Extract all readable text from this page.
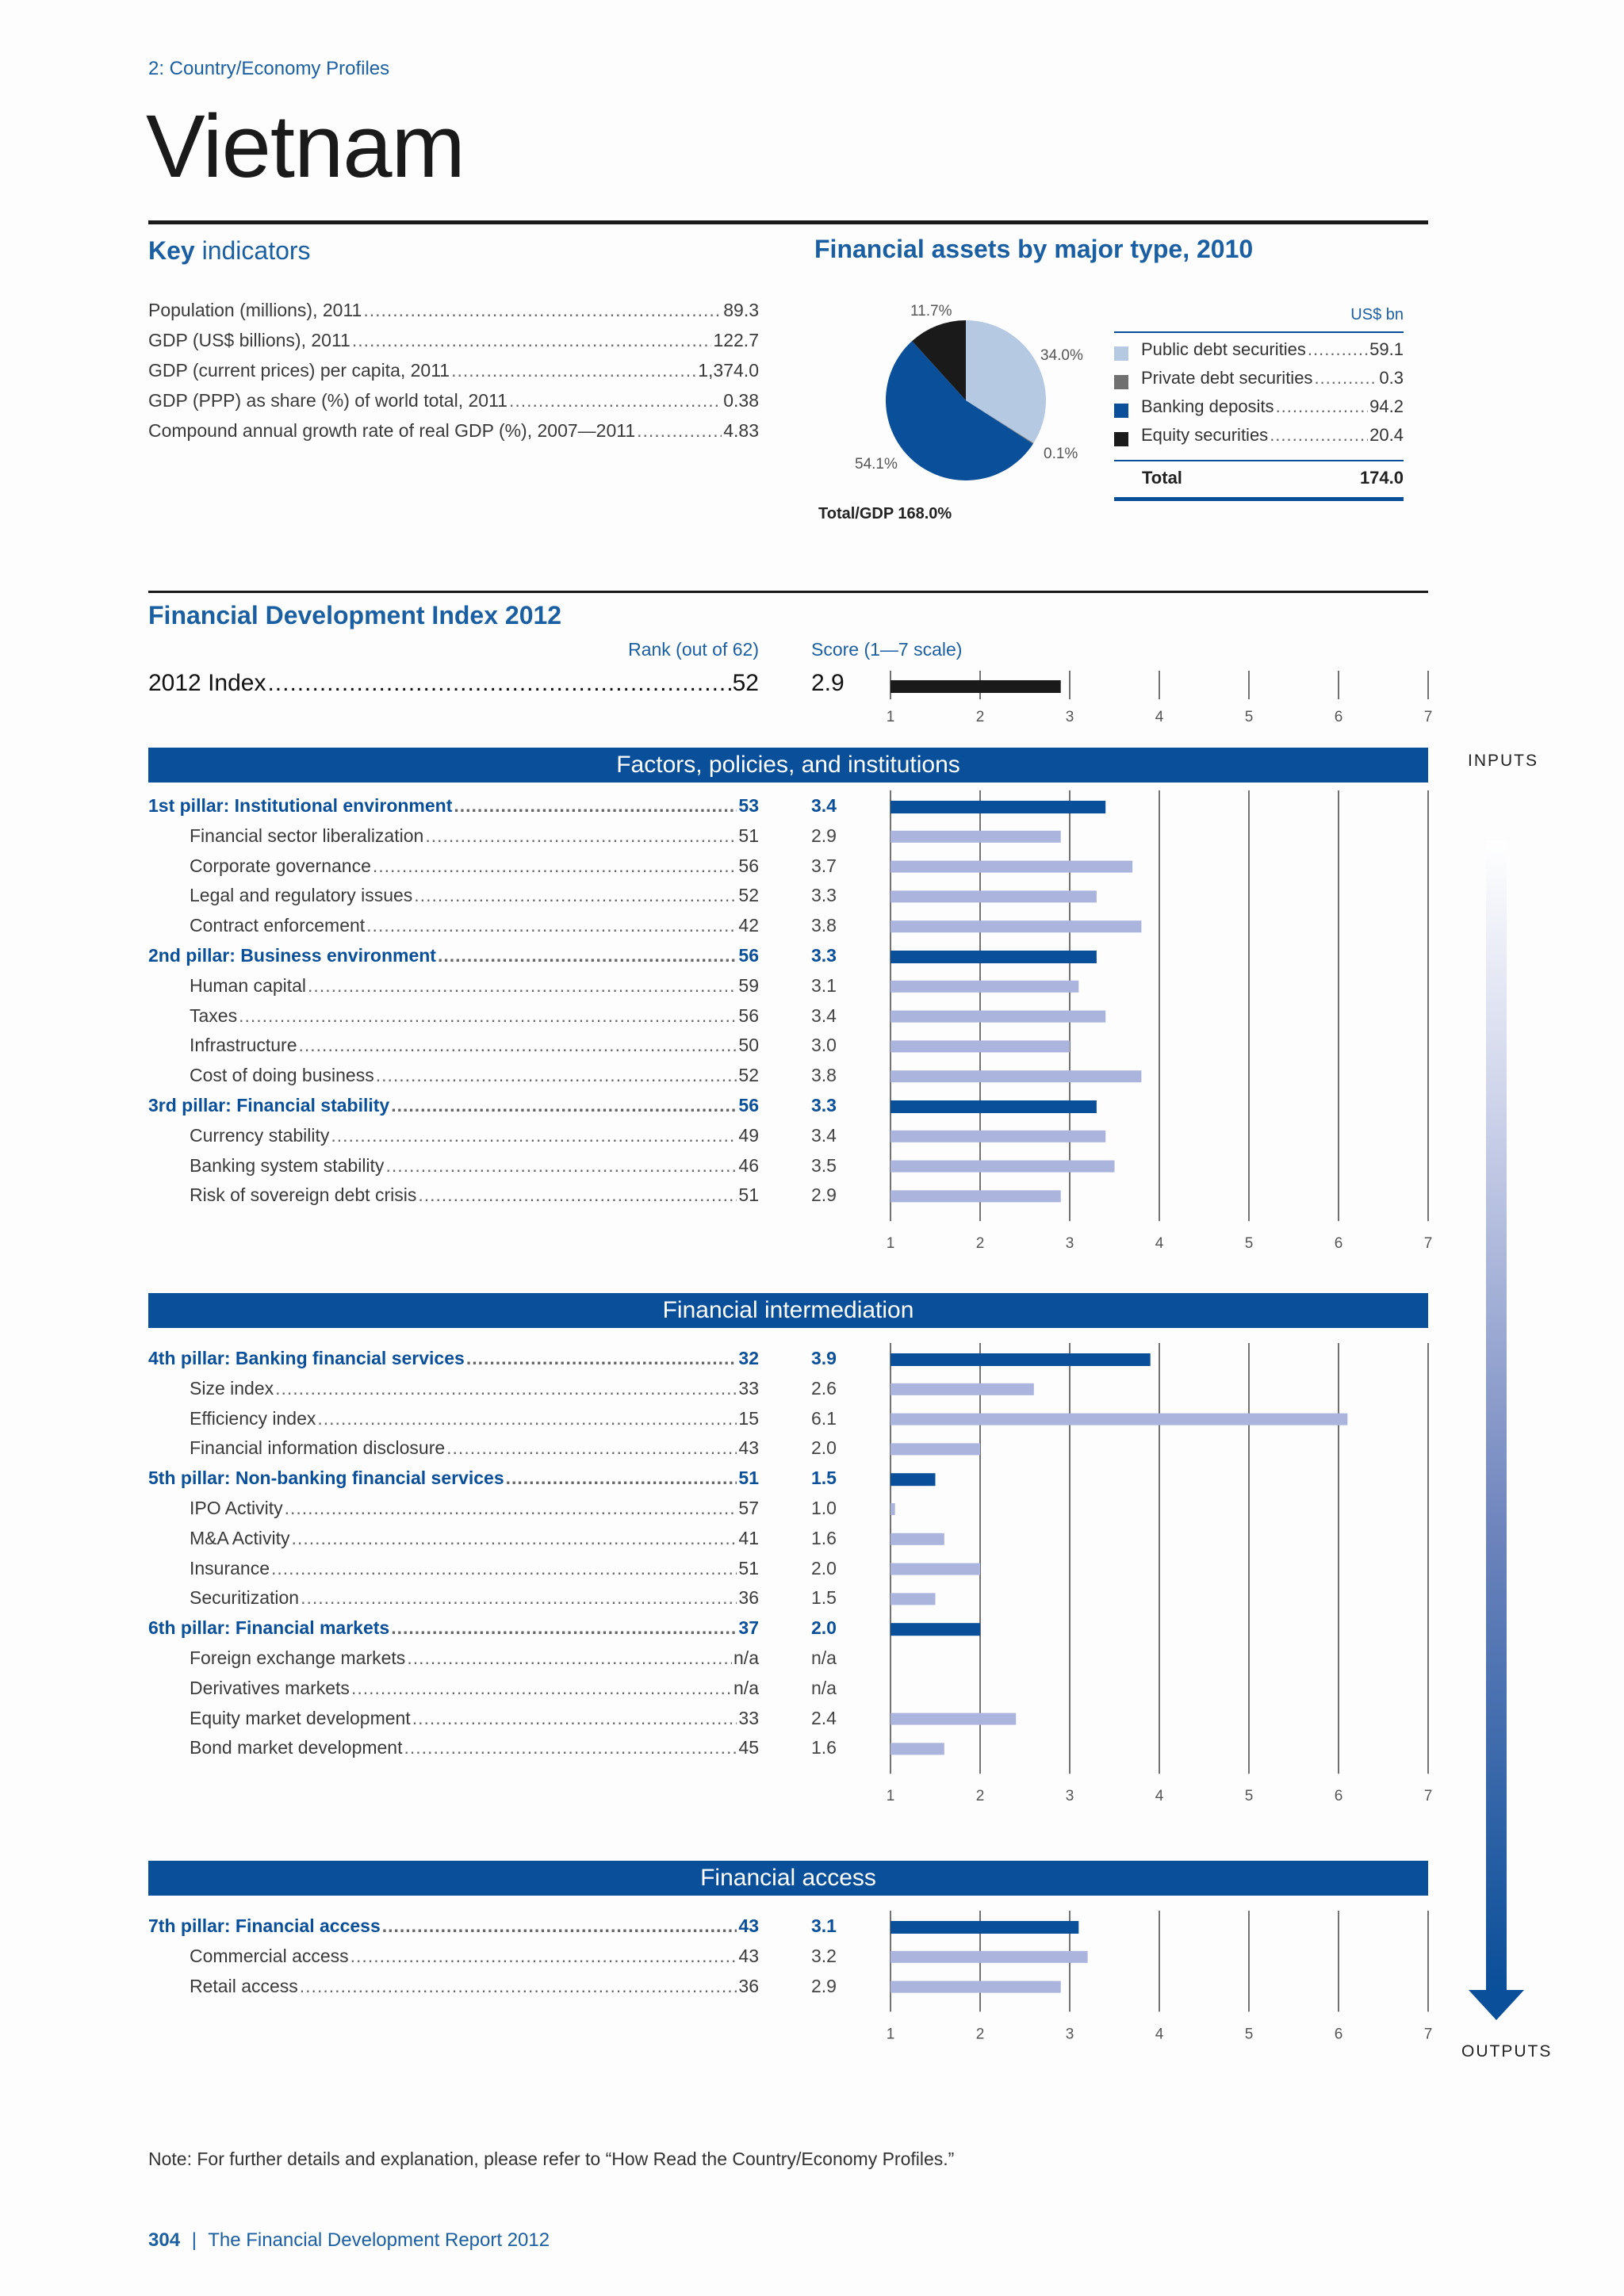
2: Country/Economy Profiles
Vietnam
Key indicators
Population (millions), 2011 .....	89.3
GDP (US$ billions), 2011 .....	122.7
GDP (current prices) per capita, 2011 .....	1,374.0
GDP (PPP) as share (%) of world total, 2011 .....	0.38
Compound annual growth rate of real GDP (%), 2007—2011 .....	4.83
Financial assets by major type, 2010
11.7%
34.0%
0.1%
54.1%
Total/GDP 168.0%
US$ bn
Public debt securities .....	59.1
Private debt securities .....	0.3
Banking deposits .....	94.2
Equity securities .....	20.4
Total	174.0
Financial Development Index 2012
Rank (out of 62)	Score (1—7 scale)
2012 Index .....	52 2.9
1	2	3	4	5	6	7
Factors, policies, and institutions
1st pillar: Institutional environment .....	53	3.4
Financial sector liberalization .....	51	2.9
Corporate governance .....	56	3.7
Legal and regulatory issues .....	52	3.3
Contract enforcement .....	42	3.8
2nd pillar: Business environment .....	56	3.3
Human capital .....	59	3.1
Taxes .....	56	3.4
Infrastructure .....	50	3.0
Cost of doing business .....	52	3.8
3rd pillar: Financial stability .....	56	3.3
Currency stability .....	49	3.4
Banking system stability .....	46	3.5
Risk of sovereign debt crisis .....	51	2.9
1	2	3	4	5	6	7
Financial intermediation
4th pillar: Banking financial services .....	32	3.9
Size index .....	33	2.6
Efficiency index .....	15	6.1
Financial information disclosure .....	43	2.0
5th pillar: Non-banking financial services .....	51	1.5
IPO Activity .....	57	1.0
M&A Activity .....	41	1.6
Insurance .....	51	2.0
Securitization .....	36	1.5
6th pillar: Financial markets .....	37	2.0
Foreign exchange markets .....	n/a	n/a
Derivatives markets .....	n/a	n/a
Equity market development .....	33	2.4
Bond market development .....	45	1.6
1	2	3	4	5	6	7
Financial access
7th pillar: Financial access .....	43	3.1
Commercial access .....	43	3.2
Retail access .....	36	2.9
1	2	3	4	5	6	7
INPUTS
OUTPUTS
Note: For further details and explanation, please refer to “How Read the Country/Economy Profiles.”
304 | The Financial Development Report 2012
